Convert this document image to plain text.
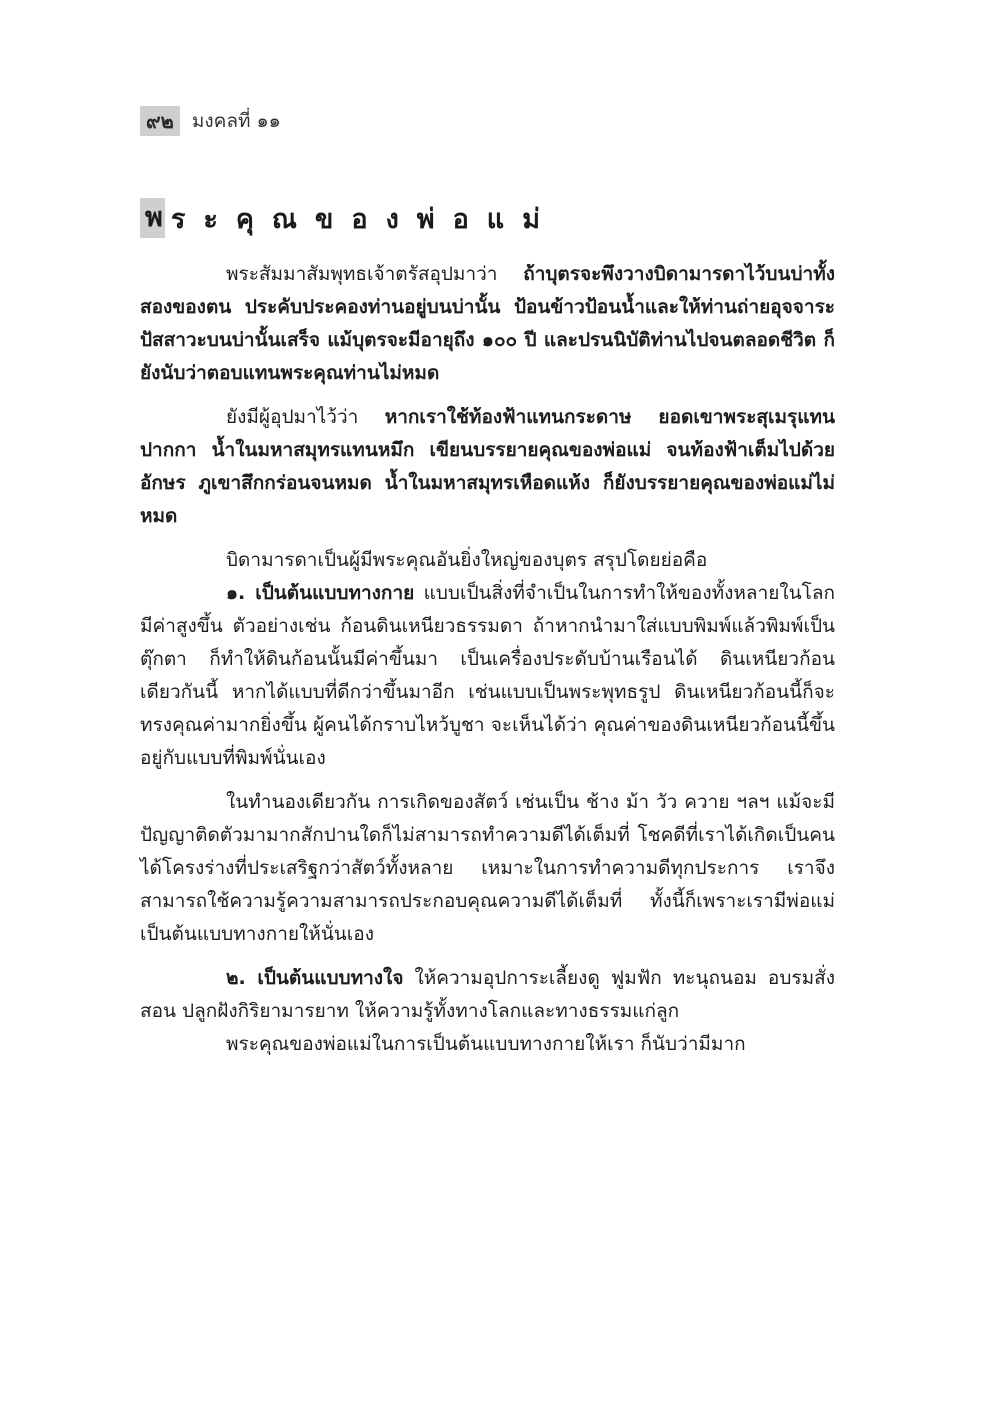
๙๒ มงคลที่ ๑๑
พ ระคุณของพ่อแม่

พระสัมมาสัมพุทธเจ้าตรัสอุปมาว่า ถ้าบุตรจะพึงวางบิดามารดาไว้บนบ่าทั้งสองของตน ประคับประคองท่านอยู่บนบ่านั้น ป้อนข้าวป้อนน้ำและให้ท่านถ่ายอุจจาระปัสสาวะบนบ่านั้นเสร็จ แม้บุตรจะมีอายุถึง ๑๐๐ ปี และปรนนิบัติท่านไปจนตลอดชีวิต ก็ยังนับว่าตอบแทนพระคุณท่านไม่หมด

ยังมีผู้อุปมาไว้ว่า หากเราใช้ท้องฟ้าแทนกระดาษ ยอดเขาพระสุเมรุแทนปากกา น้ำในมหาสมุทรแทนหมึก เขียนบรรยายคุณของพ่อแม่ จนท้องฟ้าเต็มไปด้วยอักษร ภูเขาสึกกร่อนจนหมด น้ำในมหาสมุทรเหือดแห้ง ก็ยังบรรยายคุณของพ่อแม่ไม่หมด

บิดามารดาเป็นผู้มีพระคุณอันยิ่งใหญ่ของบุตร สรุปโดยย่อคือ

๑. เป็นต้นแบบทางกาย แบบเป็นสิ่งที่จำเป็นในการทำให้ของทั้งหลายในโลกมีค่าสูงขึ้น ตัวอย่างเช่น ก้อนดินเหนียวธรรมดา ถ้าหากนำมาใส่แบบพิมพ์แล้วพิมพ์เป็นตุ๊กตา ก็ทำให้ดินก้อนนั้นมีค่าขึ้นมา เป็นเครื่องประดับบ้านเรือนได้ ดินเหนียวก้อนเดียวกันนี้ หากได้แบบที่ดีกว่าขึ้นมาอีก เช่นแบบเป็นพระพุทธรูป ดินเหนียวก้อนนี้ก็จะทรงคุณค่ามากยิ่งขึ้น ผู้คนได้กราบไหว้บูชา จะเห็นได้ว่า คุณค่าของดินเหนียวก้อนนี้ขึ้นอยู่กับแบบที่พิมพ์นั่นเอง

ในทำนองเดียวกัน การเกิดของสัตว์ เช่นเป็น ช้าง ม้า วัว ควาย ฯลฯ แม้จะมีปัญญาติดตัวมามากสักปานใดก็ไม่สามารถทำความดีได้เต็มที่ โชคดีที่เราได้เกิดเป็นคน ได้โครงร่างที่ประเสริฐกว่าสัตว์ทั้งหลาย เหมาะในการทำความดีทุกประการ เราจึงสามารถใช้ความรู้ความสามารถประกอบคุณความดีได้เต็มที่ ทั้งนี้ก็เพราะเรามีพ่อแม่เป็นต้นแบบทางกายให้นั่นเอง

๒. เป็นต้นแบบทางใจ ให้ความอุปการะเลี้ยงดู ฟูมฟัก ทะนุถนอม อบรมสั่งสอน ปลูกฝังกิริยามารยาท ให้ความรู้ทั้งทางโลกและทางธรรมแก่ลูก

พระคุณของพ่อแม่ในการเป็นต้นแบบทางกายให้เรา ก็นับว่ามีมาก
